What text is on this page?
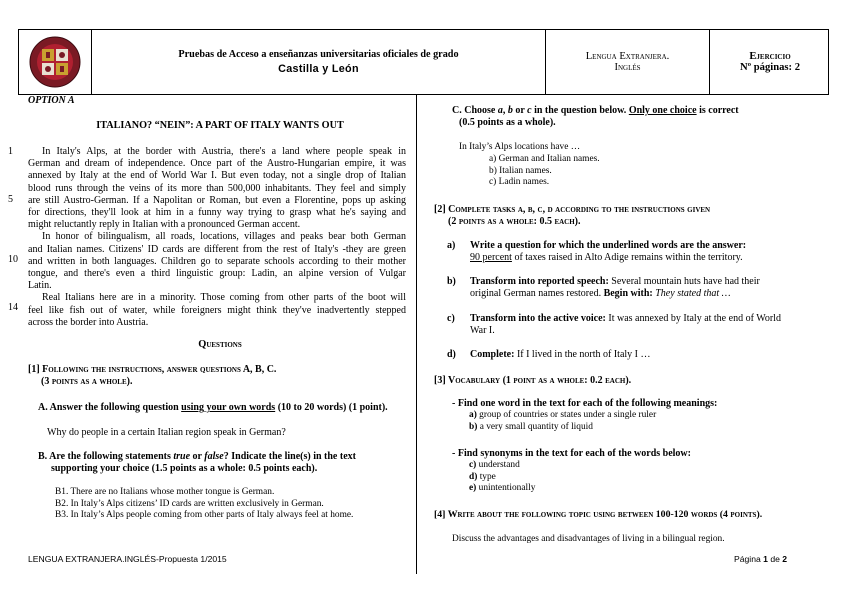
Pruebas de Acceso a enseñanzas universitarias oficiales de grado
Castilla y León
Lengua Extranjera.
Inglés
Ejercicio
Nº páginas: 2
OPTION A
ITALIANO? “NEIN”: A PART OF ITALY WANTS OUT
1
5
10
14
In Italy's Alps, at the border with Austria, there's a land where people speak in
German and dream of independence. Once part of the Austro-Hungarian empire, it was
annexed by Italy at the end of World War I. But even today, not a single drop of Italian
blood runs through the veins of its more than 500,000 inhabitants. They feel and simply
are still Austro-German. If a Napolitan or Roman, but even a Florentine, pops up asking
for directions, they'll look at him in a funny way trying to grasp what he's saying and
might reluctantly reply in Italian with a pronounced German accent.
In honor of bilingualism, all roads, locations, villages and peaks bear both German
and Italian names. Citizens' ID cards are different from the rest of Italy's -they are green
and written in both languages. Children go to separate schools according to their mother
tongue, and there's even a third linguistic group: Ladin, an alpine version of Vulgar
Latin.
Real Italians here are in a minority. Those coming from other parts of the boot will
feel like fish out of water, while foreigners might think they've inadvertently stepped
across the border into Austria.
Questions
[1] Following the instructions, answer questions A, B, C.
(3 points as a whole).
A. Answer the following question using your own words (10 to 20 words) (1 point).
Why do people in a certain Italian region speak in German?
B. Are the following statements true or false? Indicate the line(s) in the text
supporting your choice (1.5 points as a whole: 0.5 points each).
B1. There are no Italians whose mother tongue is German.
B2. In Italy’s Alps citizens’ ID cards are written exclusively in German.
B3. In Italy’s Alps people coming from other parts of Italy always feel at home.
LENGUA EXTRANJERA.INGLÉS-Propuesta 1/2015
C. Choose a, b or c in the question below. Only one choice is correct
(0.5 points as a whole).
In Italy’s Alps locations have …
a) German and Italian names.
b) Italian names.
c) Ladin names.
[2] Complete tasks a, b, c, d according to the instructions given
(2 points as a whole: 0.5 each).
a) Write a question for which the underlined words are the answer:
90 percent of taxes raised in Alto Adige remains within the territory.
b) Transform into reported speech: Several mountain huts have had their
original German names restored. Begin with: They stated that …
c) Transform into the active voice: It was annexed by Italy at the end of World
War I.
d) Complete: If I lived in the north of Italy I …
[3] Vocabulary (1 point as a whole: 0.2 each).
- Find one word in the text for each of the following meanings:
a) group of countries or states under a single ruler
b) a very small quantity of liquid
- Find synonyms in the text for each of the words below:
c) understand
d) type
e) unintentionally
[4] Write about the following topic using between 100-120 words (4 points).
Discuss the advantages and disadvantages of living in a bilingual region.
Página 1 de 2
